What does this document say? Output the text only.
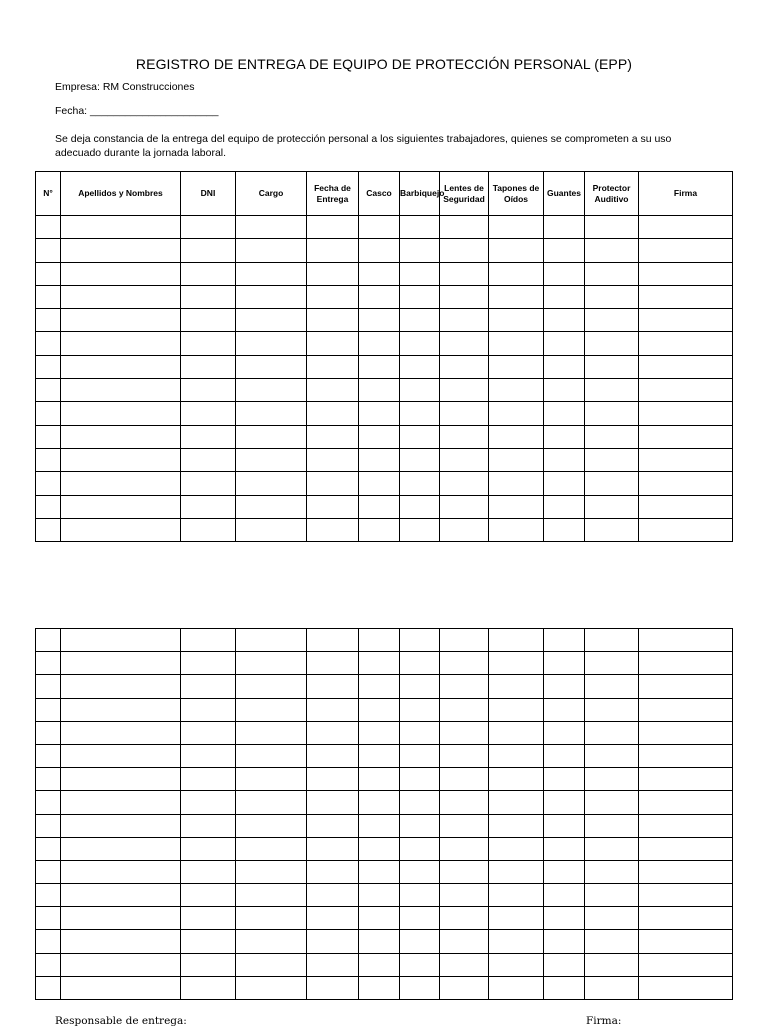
REGISTRO DE ENTREGA DE EQUIPO DE PROTECCIÓN PERSONAL (EPP)
Empresa: RM Construcciones
Fecha: ______________________
Se deja constancia de la entrega del equipo de protección personal a los siguientes trabajadores, quienes se comprometen a su uso
adecuado durante la jornada laboral.
N°	Apellidos y Nombres	DNI	Cargo	Fecha de Entrega	Casco	Barbiquejo	Lentes de Seguridad	Tapones de Oídos	Guantes	Protector Auditivo	Firma

Responsable de entrega:	Firma:
